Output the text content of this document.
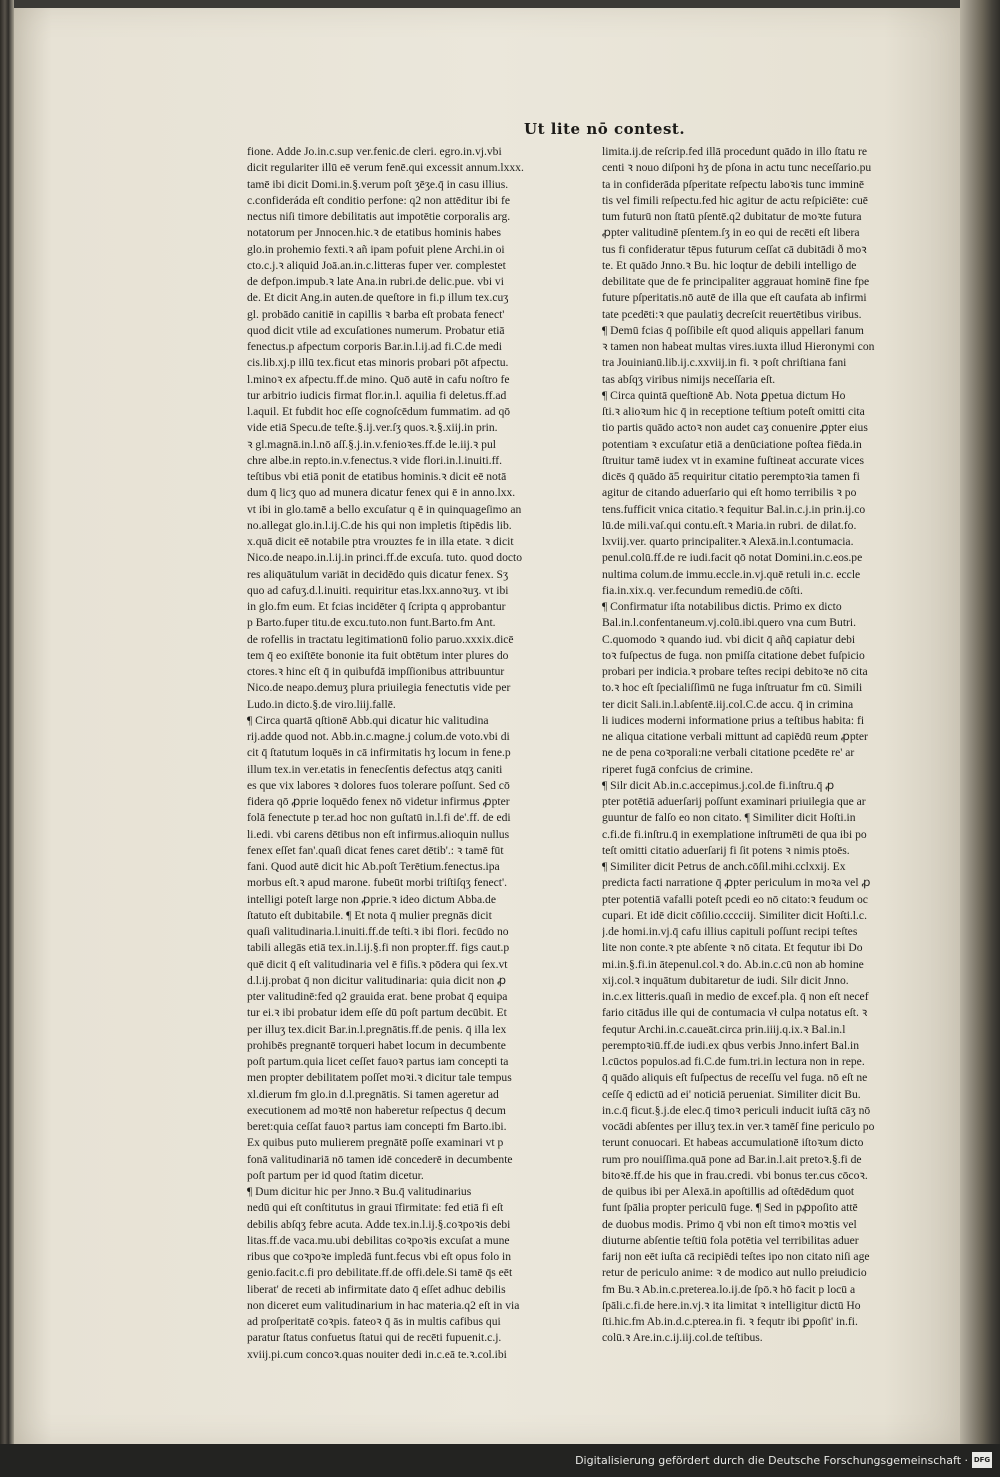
Ut lite nō contest.
fione. Adde Jo.in.c.sup ver.fenic.de cleri. egro.in.vj.vbi
dicit regulariter illū eē verum fenē.qui excessit annum.lxxx.
tamē ibi dicit Domi.in.§.verum poſt ʒēʒe.q̄ in casu illius.
c.confideráda eſt conditio perfone: q2 non attēditur ibi fe
nectus niſi timore debilitatis aut impotētie corporalis arg.
notatorum per Jnnocen.hic.ꝛ de etatibus hominis habes
glo.in prohemio fexti.ꝛ añ ipam pofuit plene Archi.in oi
cto.c.j.ꝛ aliquid Joā.an.in.c.litteras fuper ver. complestet
de defpon.impub.ꝛ late Ana.in rubri.de delic.pue. vbi vi
de. Et dicit Ang.in auten.de queſtore in fi.p illum tex.cuʒ
gl. probādo canitiē in capillis ꝛ barba eſt probata fenect'
quod dicit vtile ad excuſationes numerum. Probatur etiā
fenectus.p afpectum corporis Bar.in.l.ij.ad fi.C.de medi
cis.lib.xj.p illū tex.ficut etas minoris probari pōt afpectu.
l.minoꝛ ex afpectu.ff.de mino. Quō autē in cafu noſtro fe
tur arbitrio iudicis firmat flor.in.l. aquilia fi deletus.ff.ad
l.aquil. Et fubdit hoc eſſe cognoſcēdum fummatim. ad qō
vide etiā Specu.de teſte.§.ij.ver.ſʒ quos.ꝛ.§.xiij.in prin.
ꝛ gl.magnā.in.l.nō aſſ.§.j.in.v.fenioꝛes.ff.de le.iij.ꝛ pul
chre albe.in repto.in.v.fenectus.ꝛ vide flori.in.l.inuiti.ff.
teſtibus vbi etiā ponit de etatibus hominis.ꝛ dicit eē notā
dum q̄ licʒ quo ad munera dicatur fenex qui ē in anno.lxx.
vt ibi in glo.tamē a bello excuſatur q ē in quinquageſimo an
no.allegat glo.in.l.ij.C.de his qui non impletis ſtipēdis lib.
x.quā dicit eē notabile ptra vrouztes fe in illa etate. ꝛ dicit
Nico.de neapo.in.l.ij.in princi.ff.de excuſa. tuto. quod docto
res aliquātulum variāt in decidēdo quis dicatur fenex. Sʒ
quo ad cafuʒ.d.l.inuiti. requiritur etas.lxx.annoꝛuʒ. vt ibi
in glo.fm eum. Et fcias incidēter q̄ ſcripta q approbantur
p Barto.fuper titu.de excu.tuto.non funt.Barto.fm Ant.
de rofellis in tractatu legitimationū folio paruo.xxxix.dicē
tem q̄ eo exiſtēte bononie ita fuit obtētum inter plures do
ctores.ꝛ hinc eſt q̄ in quibufdā impſſionibus attribuuntur
Nico.de neapo.demuʒ plura priuilegia fenectutis vide per
Ludo.in dicto.§.de viro.liij.fallē.
¶ Circa quartā qſtionē Abb.qui dicatur hic valitudina
rij.adde quod not. Abb.in.c.magne.j colum.de voto.vbi di
cit q̄ ſtatutum loquēs in cā infirmitatis hʒ locum in fene.p
illum tex.in ver.etatis in fenecſentis defectus atqʒ caniti
es que vix labores ꝛ dolores fuos tolerare poſſunt. Sed cō
fidera qō ꝓprie loquēdo fenex nō videtur infirmus ꝓpter
folā fenectute p ter.ad hoc non guſtatū in.l.fi de'.ff. de edi
li.edi. vbi carens dētibus non eſt infirmus.alioquin nullus
fenex eſſet fan'.quaſi dicat fenes caret dētib'.: ꝛ tamē fūt
fani. Quod autē dicit hic Ab.poſt Terētium.fenectus.ipa
morbus eſt.ꝛ apud marone. fubeūt morbi triſtiſqʒ fenect'.
intelligi poteſt large non ꝓprie.ꝛ ideo dictum Abba.de
ſtatuto eſt dubitabile. ¶ Et nota q̄ mulier pregnās dicit
quaſi valitudinaria.l.inuiti.ff.de teſti.ꝛ ibi flori. fecūdo no
tabili allegās etiā tex.in.l.ij.§.fi non propter.ff. figs caut.p
quē dicit q̄ eſt valitudinaria vel ē fiſis.ꝛ pōdera qui ſex.vt
d.l.ij.probat q̄ non dicitur valitudinaria: quia dicit non ꝓ
pter valitudinē:fed q2 grauida erat. bene probat q̄ equipa
tur ei.ꝛ ibi probatur idem eſſe dū poſt partum decūbit. Et
per illuʒ tex.dicit Bar.in.l.pregnātis.ff.de penis. q̄ illa lex
prohibēs pregnantē torqueri habet locum in decumbente
poſt partum.quia licet ceſſet fauoꝛ partus iam concepti ta
men propter debilitatem poſſet moꝛi.ꝛ dicitur tale tempus
xl.dierum fm glo.in d.l.pregnātis. Si tamen ageretur ad
executionem ad moꝛtē non haberetur reſpectus q̄ decum
beret:quia ceſſat fauoꝛ partus iam concepti fm Barto.ibi.
Ex quibus puto mulierem pregnātē poſſe examinari vt p
fonā valitudinariā nō tamen idē concederē in decumbente
poſt partum per id quod ſtatim dicetur.
¶ Dum dicitur hic per Jnno.ꝛ Bu.q̄ valitudinarius
nedū qui eſt conſtitutus in graui īfirmitate: fed etiā fi eſt
debilis abſqʒ febre acuta. Adde tex.in.l.ij.§.coꝛpoꝛis debi
litas.ff.de vaca.mu.ubi debilitas coꝛpoꝛis excuſat a mune
ribus que coꝛpoꝛe impledā funt.fecus vbi eſt opus folo in
genio.facit.c.fi pro debilitate.ff.de offi.dele.Si tamē q̄s eēt
liberat' de receti ab infirmitate dato q̄ eſſet adhuc debilis
non diceret eum valitudinarium in hac materia.q2 eſt in via
ad proſperitatē coꝛpis. fateoꝛ q̄ ās in multis cafibus qui
paratur ſtatus confuetus ſtatui qui de recēti fupuenit.c.j.
xviij.pi.cum concoꝛ.quas nouiter dedi in.c.eā te.ꝛ.col.ibi
limita.ij.de reſcrip.fed illā procedunt quādo in illo ſtatu re
centi ꝛ nouo diſponi hʒ de pſona in actu tunc neceſſario.pu
ta in confiderāda pſperitate reſpectu laboꝛis tunc imminē
tis vel fimili reſpectu.fed hic agitur de actu reſpiciēte: cuē
tum futurū non ſtatū pſentē.q2 dubitatur de moꝛte futura
ꝓpter valitudinē pſentem.ſʒ in eo qui de recēti eſt libera
tus fi confideratur tēpus futurum ceſſat cā dubitādi ð moꝛ
te. Et quādo Jnno.ꝛ Bu. hic loqtur de debili intelligo de
debilitate que de fe principaliter aggrauat hominē fine fpe
future pſperitatis.nō autē de illa que eſt caufata ab infirmi
tate pcedēti:ꝛ que paulatiʒ decreſcit reuertētibus viribus.
¶ Demū fcias q̄ poſſibile eſt quod aliquis appellari fanum
ꝛ tamen non habeat multas vires.iuxta illud Hieronymi con
tra Jouinianū.lib.ij.c.xxviij.in fi. ꝛ poſt chriſtiana fani
tas abſqʒ viribus nimijs neceſſaria eſt.
¶ Circa quintā queſtionē Ab. Nota ꝑpetua dictum Ho
ſti.ꝛ alioꝛum hic q̄ in receptione teſtium poteſt omitti cita
tio partis quādo actoꝛ non audet caʒ conuenire ꝓpter eius
potentiam ꝛ excuſatur etiā a denūciatione poſtea fiēda.in
ſtruitur tamē iudex vt in examine fuſtineat accurate vices
dicēs q̄ quādo ā5 requiritur citatio peremptoꝛia tamen fi
agitur de citando aduerſario qui eſt homo terribilis ꝛ po
tens.fufficit vnica citatio.ꝛ fequitur Bal.in.c.j.in prin.ij.co
lū.de mili.vaſ.qui contu.eſt.ꝛ Maria.in rubri. de dilat.fo.
lxviij.ver. quarto principaliter.ꝛ Alexā.in.l.contumacia.
penul.colū.ff.de re iudi.facit qō notat Domini.in.c.eos.pe
nultima colum.de immu.eccle.in.vj.quē retuli in.c. eccle
fia.in.xix.q. ver.fecundum remediū.de cōſti.
¶ Confirmatur iſta notabilibus dictis. Primo ex dicto
Bal.in.l.confentaneum.vj.colū.ibi.quero vna cum Butri.
C.quomodo ꝛ quando iud. vbi dicit q̄ añq̄ capiatur debi
toꝛ fuſpectus de fuga. non pmiſſa citatione debet fuſpicio
probari per indicia.ꝛ probare teſtes recipi debitoꝛe nō cita
to.ꝛ hoc eſt ſpecialiſſimū ne fuga inſtruatur fm cū. Simili
ter dicit Sali.in.l.abſentē.iij.col.C.de accu. q̄ in crimina
li iudices moderni informatione prius a teſtibus habita: fi
ne aliqua citatione verbali mittunt ad capiēdū reum ꝓpter
ne de pena coꝛporali:ne verbali citatione pcedēte re' ar
riperet fugā confcius de crimine.
¶ Silr dicit Ab.in.c.accepimus.j.col.de fi.inſtru.q̄ ꝓ
pter potētiā aduerſarij poſſunt examinari priuilegia que ar
guuntur de falſo eo non citato. ¶ Similiter dicit Hoſti.in
c.fi.de fi.inſtru.q̄ in exemplatione inſtrumēti de qua ibi po
teſt omitti citatio aduerſarij fi ſit potens ꝛ nimis ptoēs.
¶ Similiter dicit Petrus de anch.cōſil.mihi.cclxxij. Ex
predicta facti narratione q̄ ꝓpter periculum in moꝛa vel ꝓ
pter potentiā vafalli poteſt pcedi eo nō citato:ꝛ feudum oc
cupari. Et idē dicit cōſilio.cccciij. Similiter dicit Hoſti.l.c.
j.de homi.in.vj.q̄ cafu illius capituli poſſunt recipi teſtes
lite non conte.ꝛ pte abſente ꝛ nō citata. Et fequtur ibi Do
mi.in.§.fi.in ātepenul.col.ꝛ do. Ab.in.c.cū non ab homine
xij.col.ꝛ inquātum dubitaretur de iudi. Silr dicit Jnno.
in.c.ex litteris.quaſi in medio de excef.pla. q̄ non eſt necef
fario citādus ille qui de contumacia vł culpa notatus eſt. ꝛ
fequtur Archi.in.c.caueāt.circa prin.iiij.q.ix.ꝛ Bal.in.l
peremptoꝛiū.ff.de iudi.ex qbus verbis Jnno.infert Bal.in
l.cūctos populos.ad fi.C.de fum.tri.in lectura non in repe.
q̄ quādo aliquis eſt fuſpectus de receſſu vel fuga. nō eſt ne
ceſſe q̄ edictū ad ei' noticiā perueniat. Similiter dicit Bu.
in.c.q̄ ficut.§.j.de elec.q̄ timoꝛ periculi inducit iuſtā cāʒ nō
vocādi abſentes per illuʒ tex.in ver.ꝛ tamēſ fine periculo po
terunt conuocari. Et habeas accumulationē iſtoꝛum dicto
rum pro nouiſſima.quā pone ad Bar.in.l.ait pretoꝛ.§.fi de
bitoꝛē.ff.de his que in frau.credi. vbi bonus ter.cus cōcoꝛ.
de quibus ibi per Alexā.in apoſtillis ad oſtēdēdum quot
funt ſpālia propter periculū fuge. ¶ Sed in pꝓpoſito attē
de duobus modis. Primo q̄ vbi non eſt timoꝛ moꝛtis vel
diuturne abſentie teſtiū fola potētia vel terribilitas aduer
farij non eēt iuſta cā recipiēdi teſtes ipo non citato niſi age
retur de periculo anime: ꝛ de modico aut nullo preiudicio
fm Bu.ꝛ Ab.in.c.preterea.lo.ij.de ſpō.ꝛ hō facit p locū a
ſpāli.c.fi.de here.in.vj.ꝛ ita limitat ꝛ intelligitur dictū Ho
ſti.hic.fm Ab.in.d.c.pterea.in fi. ꝛ fequtr ibi ꝑpoſit' in.fi.
colū.ꝛ Are.in.c.ij.iij.col.de teſtibus.
Digitalisierung gefördert durch die Deutsche Forschungsgemeinschaft · DFG
